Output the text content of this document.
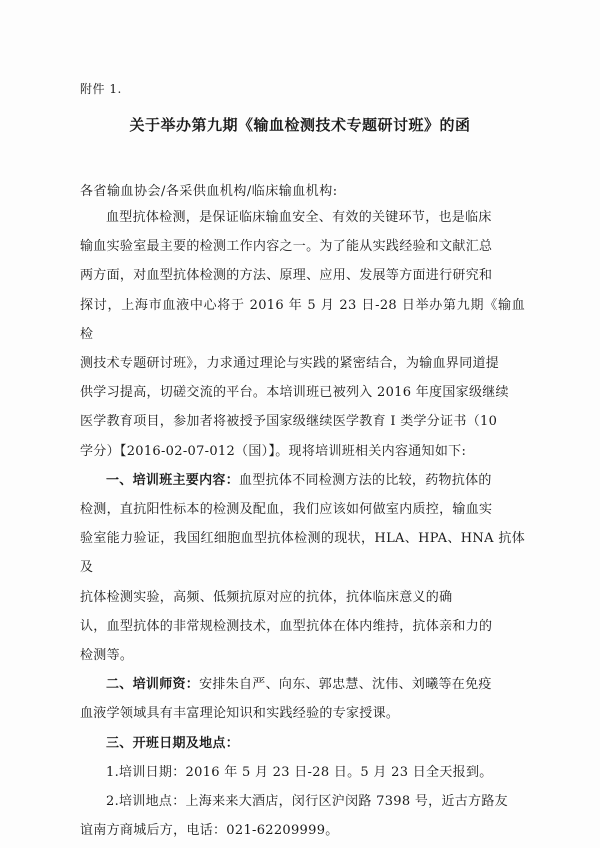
附件 1.
关于举办第九期《输血检测技术专题研讨班》的函
各省输血协会/各采供血机构/临床输血机构:
血型抗体检测，是保证临床输血安全、有效的关键环节，也是临床
输血实验室最主要的检测工作内容之一。为了能从实践经验和文献汇总
两方面，对血型抗体检测的方法、原理、应用、发展等方面进行研究和
探讨，上海市血液中心将于 2016 年 5 月 23 日-28 日举办第九期《输血检
测技术专题研讨班》，力求通过理论与实践的紧密结合，为输血界同道提
供学习提高，切磋交流的平台。本培训班已被列入 2016 年度国家级继续
医学教育项目，参加者将被授予国家级继续医学教育 I 类学分证书（10
学分）【2016-02-07-012（国）】。现将培训班相关内容通知如下:
一、培训班主要内容：血型抗体不同检测方法的比较，药物抗体的
检测，直抗阳性标本的检测及配血，我们应该如何做室内质控，输血实
验室能力验证，我国红细胞血型抗体检测的现状，HLA、HPA、HNA 抗体及
抗体检测实验，高频、低频抗原对应的抗体，抗体临床意义的确
认，血型抗体的非常规检测技术，血型抗体在体内维持，抗体亲和力的
检测等。
二、培训师资：安排朱自严、向东、郭忠慧、沈伟、刘曦等在免疫
血液学领域具有丰富理论知识和实践经验的专家授课。
三、开班日期及地点：
1.培训日期：2016 年 5 月 23 日-28 日。5 月 23 日全天报到。
2.培训地点：上海来来大酒店，闵行区沪闵路 7398 号，近古方路友
谊南方商城后方，电话：021-62209999。
